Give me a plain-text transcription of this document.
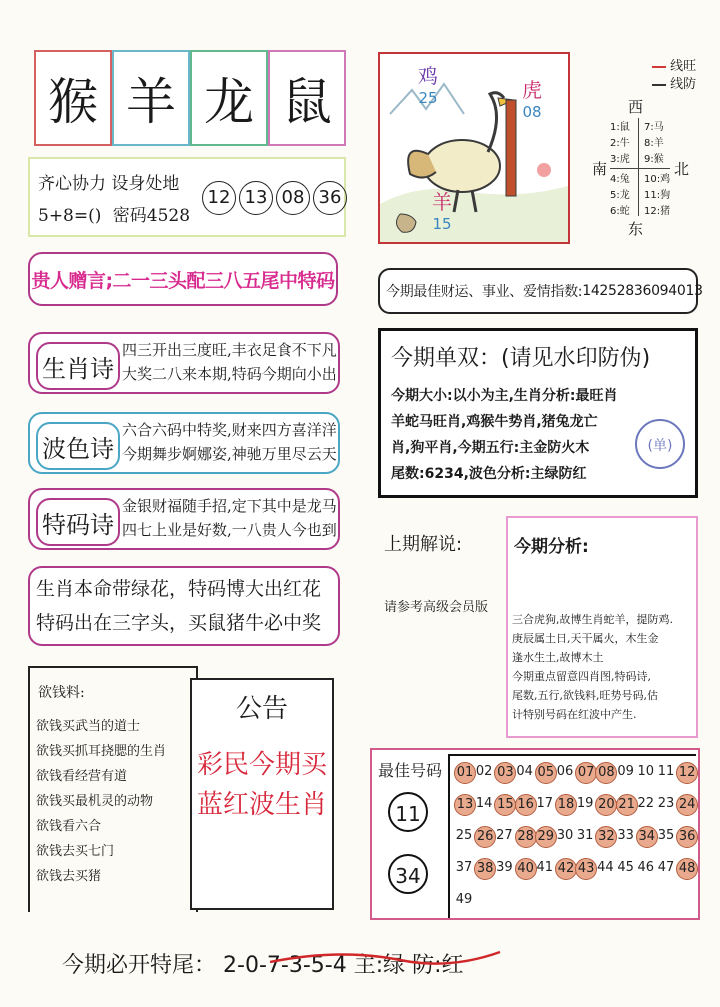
猴 羊 龙 鼠
齐心协力 设身处地
5+8=() 密码4528
12 13 08 36
贵人赠言;二一三头配三八五尾中特码
生肖诗
四三开出三度旺,丰衣足食不下凡
大奖二八来本期,特码今期向小出
波色诗
六合六码中特奖,财来四方喜洋洋
今期舞步婀娜姿,神驰万里尽云天
特码诗
金银财福随手招,定下其中是龙马
四七上业是好数,一八贵人今也到
生肖本命带绿花，特码博大出红花
特码出在三字头，买鼠猪牛必中奖
欲钱料:
欲钱买武当的道士
欲钱买抓耳挠腮的生肖
欲钱看经营有道
欲钱买最机灵的动物
欲钱看六合
欲钱去买七门
欲钱去买猪
公告
彩民今期买
蓝红波生肖
鸡
25	虎
08
羊
15
线旺
线防
西
南	北
东
1:鼠 7:马
2:牛 8:羊
3:虎 9:猴
4:兔 10:鸡
5:龙 11:狗
6:蛇 12:猪
今期最佳财运、事业、爱情指数: 14252836094013
今期单双：(请见水印防伪)
今期大小:以小为主,生肖分析:最旺肖
羊蛇马旺肖,鸡猴牛势肖,猪兔龙亡
肖,狗平肖,今期五行:主金防火木
尾数:6234,波色分析:主绿防红
(单)
上期解说:
请参考高级会员版
今期分析:
三合虎狗,故博生肖蛇羊，提防鸡.
庚辰属土日,天干属火，木生金
逢水生土,故博木土
今期重点留意四肖图,特码诗,
尾数,五行,欲钱料,旺势号码,估
计特别号码在红波中产生.
最佳号码
11
34
01 02 03 04 05 06 07 08 09 10 11 12
13 14 15 16 17 18 19 20 21 22 23 24
25 26 27 28 29 30 31 32 33 34 35 36
37 38 39 40 41 42 43 44 45 46 47 48
49
今期必开特尾： 2-0-7-3-5-4 主:绿 防:红
